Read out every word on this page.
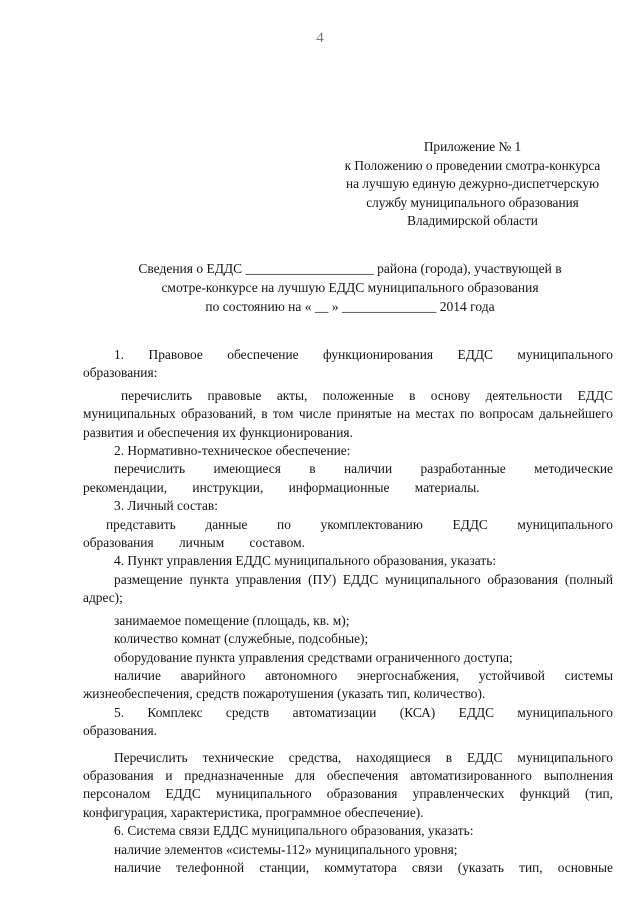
4
Приложение № 1
к Положению о проведении смотра-конкурса
на лучшую единую дежурно-диспетчерскую
службу муниципального образования
Владимирской области
Сведения о ЕДДС ___________________ района (города), участвующей в
смотре-конкурсе на лучшую ЕДДС муниципального образования
по состоянию на « __ » ______________ 2014 года

1. Правовое обеспечение функционирования ЕДДС муниципального образования:

перечислить правовые акты, положенные в основу деятельности ЕДДС муниципальных образований, в том числе принятые на местах по вопросам дальнейшего развития и обеспечения их функционирования.

2. Нормативно-техническое обеспечение:

перечислить имеющиеся в наличии разработанные методические рекомендации, инструкции, информационные материалы.

3. Личный состав:

представить данные по укомплектованию ЕДДС муниципального образования личным составом.

4. Пункт управления ЕДДС муниципального образования, указать:

размещение пункта управления (ПУ) ЕДДС муниципального образования (полный адрес);

занимаемое помещение (площадь, кв. м);

количество комнат (служебные, подсобные);

оборудование пункта управления средствами ограниченного доступа;

наличие аварийного автономного энергоснабжения, устойчивой системы жизнеобеспечения, средств пожаротушения (указать тип, количество).

5. Комплекс средств автоматизации (КСА) ЕДДС муниципального образования.

Перечислить технические средства, находящиеся в ЕДДС муниципального образования и предназначенные для обеспечения автоматизированного выполнения персоналом ЕДДС муниципального образования управленческих функций (тип, конфигурация, характеристика, программное обеспечение).

6. Система связи ЕДДС муниципального образования, указать:

наличие элементов «системы-112» муниципального уровня;

наличие телефонной станции, коммутатора связи (указать тип, основные
